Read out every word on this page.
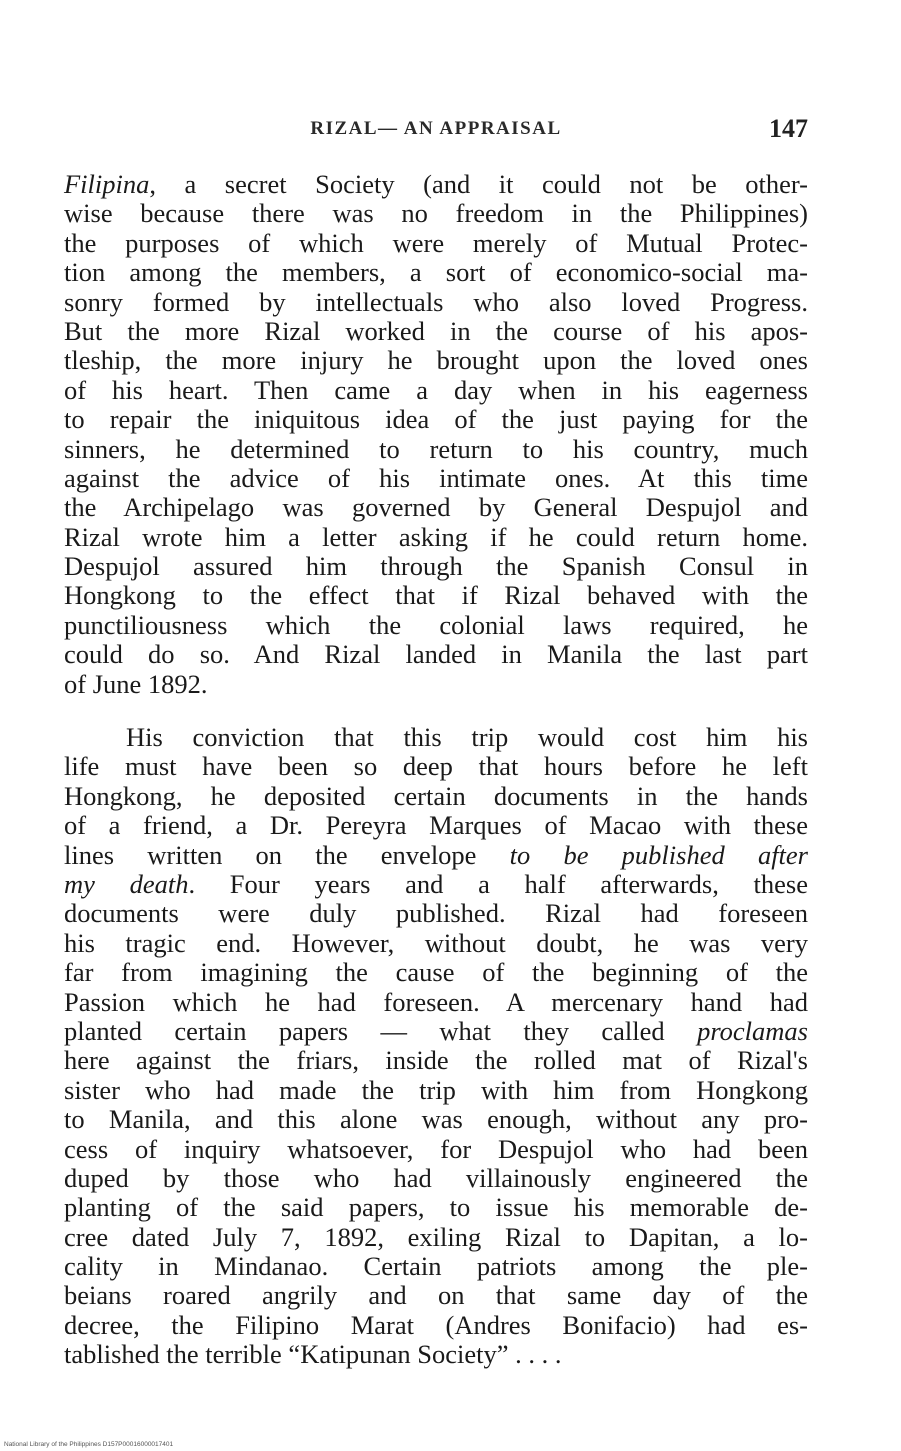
RIZAL— AN APPRAISAL	147
Filipina, a secret Society (and it could not be other-
wise because there was no freedom in the Philippines)
the purposes of which were merely of Mutual Protec-
tion among the members, a sort of economico-social ma-
sonry formed by intellectuals who also loved Progress.
But the more Rizal worked in the course of his apos-
tleship, the more injury he brought upon the loved ones
of his heart. Then came a day when in his eagerness
to repair the iniquitous idea of the just paying for the
sinners, he determined to return to his country, much
against the advice of his intimate ones. At this time
the Archipelago was governed by General Despujol and
Rizal wrote him a letter asking if he could return home.
Despujol assured him through the Spanish Consul in
Hongkong to the effect that if Rizal behaved with the
punctiliousness which the colonial laws required, he
could do so. And Rizal landed in Manila the last part
of June 1892.
His conviction that this trip would cost him his
life must have been so deep that hours before he left
Hongkong, he deposited certain documents in the hands
of a friend, a Dr. Pereyra Marques of Macao with these
lines written on the envelope to be published after
my death. Four years and a half afterwards, these
documents were duly published. Rizal had foreseen
his tragic end. However, without doubt, he was very
far from imagining the cause of the beginning of the
Passion which he had foreseen. A mercenary hand had
planted certain papers — what they called proclamas
here against the friars, inside the rolled mat of Rizal's
sister who had made the trip with him from Hongkong
to Manila, and this alone was enough, without any pro-
cess of inquiry whatsoever, for Despujol who had been
duped by those who had villainously engineered the
planting of the said papers, to issue his memorable de-
cree dated July 7, 1892, exiling Rizal to Dapitan, a lo-
cality in Mindanao. Certain patriots among the ple-
beians roared angrily and on that same day of the
decree, the Filipino Marat (Andres Bonifacio) had es-
tablished the terrible “Katipunan Society” . . . .
National Library of the Philippines D157P00016000017401
